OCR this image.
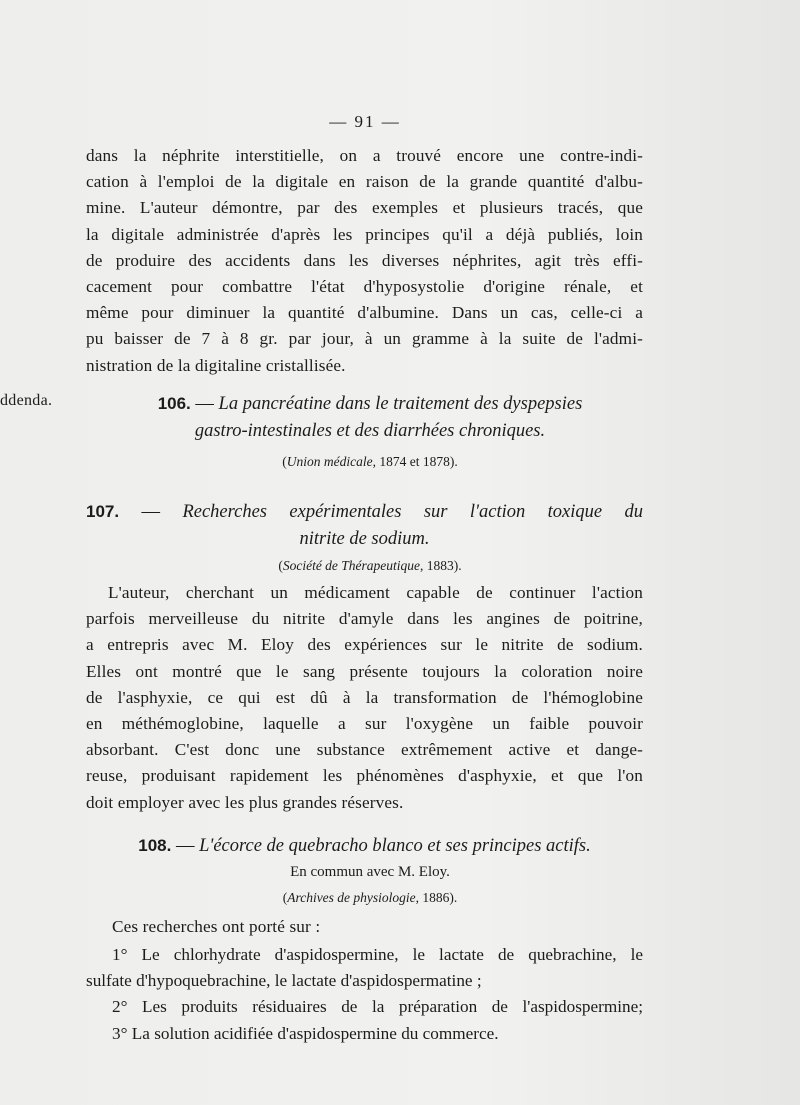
— 91 —
ddenda.
dans la néphrite interstitielle, on a trouvé encore une contre-indi-
cation à l'emploi de la digitale en raison de la grande quantité d'albu-
mine. L'auteur démontre, par des exemples et plusieurs tracés, que
la digitale administrée d'après les principes qu'il a déjà publiés, loin
de produire des accidents dans les diverses néphrites, agit très effi-
cacement pour combattre l'état d'hyposystolie d'origine rénale, et
même pour diminuer la quantité d'albumine. Dans un cas, celle-ci a
pu baisser de 7 à 8 gr. par jour, à un gramme à la suite de l'admi-
nistration de la digitaline cristallisée.
106. — La pancréatine dans le traitement des dyspepsies
gastro-intestinales et des diarrhées chroniques.
(Union médicale, 1874 et 1878).
107. — Recherches expérimentales sur l'action toxique du
nitrite de sodium.
(Société de Thérapeutique, 1883).
L'auteur, cherchant un médicament capable de continuer l'action
parfois merveilleuse du nitrite d'amyle dans les angines de poitrine,
a entrepris avec M. Eloy des expériences sur le nitrite de sodium.
Elles ont montré que le sang présente toujours la coloration noire
de l'asphyxie, ce qui est dû à la transformation de l'hémoglobine
en méthémoglobine, laquelle a sur l'oxygène un faible pouvoir
absorbant. C'est donc une substance extrêmement active et dange-
reuse, produisant rapidement les phénomènes d'asphyxie, et que l'on
doit employer avec les plus grandes réserves.
108. — L'écorce de quebracho blanco et ses principes actifs.
En commun avec M. Eloy.
(Archives de physiologie, 1886).
Ces recherches ont porté sur :
1° Le chlorhydrate d'aspidospermine, le lactate de quebrachine, le
sulfate d'hypoquebrachine, le lactate d'aspidospermatine ;
2° Les produits résiduaires de la préparation de l'aspidospermine;
3° La solution acidifiée d'aspidospermine du commerce.
